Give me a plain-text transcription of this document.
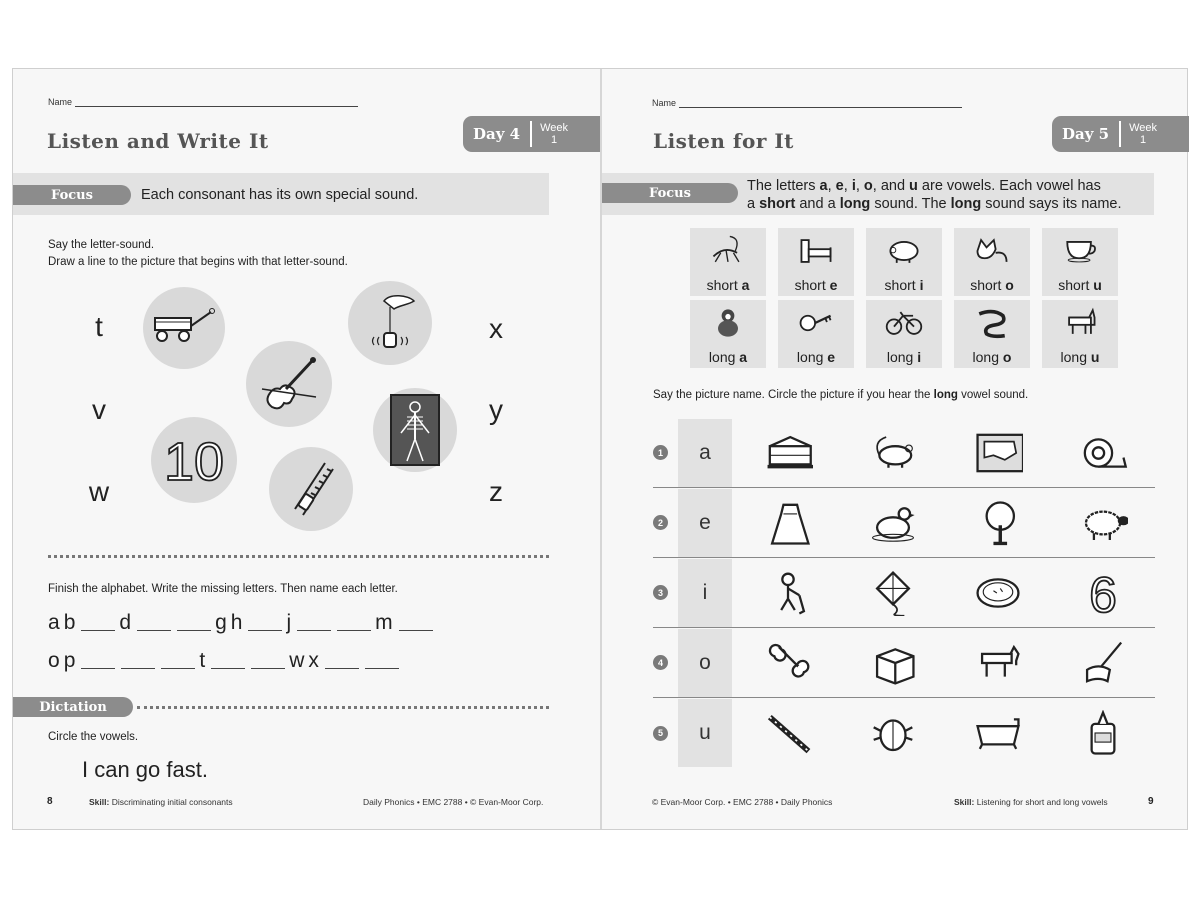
Name
Listen and Write It	Day 4 Week
1
Focus	Each consonant has its own special sound.
Say the letter-sound.
Draw a line to the picture that begins with that letter-sound.
t
v
w
x
y
z
10
Finish the alphabet. Write the missing letters. Then name each letter.
a b d	g h j	m
o p	t	w x
Dictation
Circle the vowels.
I can go fast.
8	Skill: Discriminating initial consonants	Daily Phonics • EMC 2788 • © Evan-Moor Corp.
Name
Listen for It	Day 5 Week
1
Focus	The letters a, e, i, o, and u are vowels. Each vowel has
a short and a long sound. The long sound says its name.
short a	short e	short i	short o	short u
long a	long e	long i	long o	long u
Say the picture name. Circle the picture if you hear the long vowel sound.
1	a
2	e
3	i	6
4	o
5	u
© Evan-Moor Corp. • EMC 2788 • Daily Phonics	Skill: Listening for short and long vowels	9
